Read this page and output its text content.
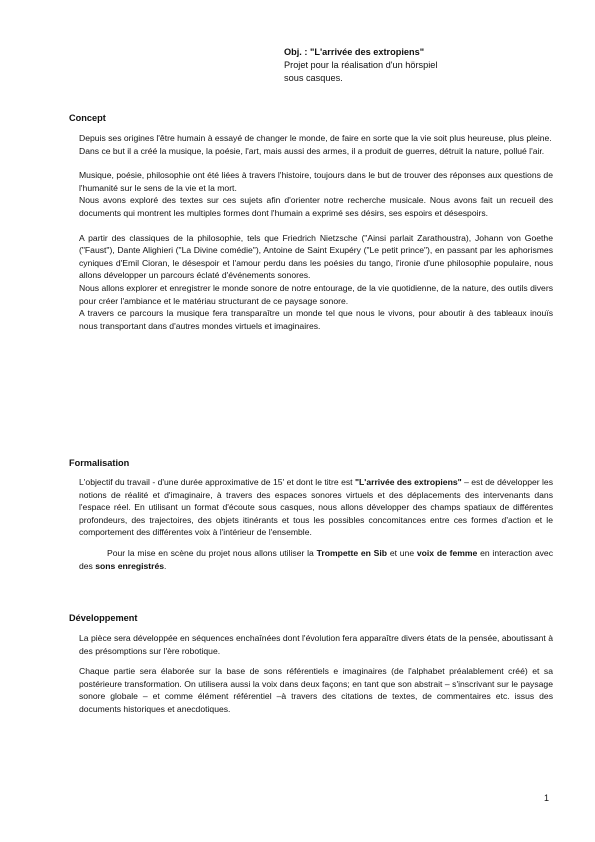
Obj. : "L'arrivée des extropiens"
Projet pour la réalisation d'un hörspiel
sous casques.
Concept

Depuis ses origines l'être humain à essayé de changer le monde, de faire en sorte que la vie soit plus heureuse, plus pleine.

Dans ce but il a créé la musique, la poésie, l'art, mais aussi des armes, il a produit de guerres, détruit la nature, pollué l'air.

Musique, poésie, philosophie ont été liées à travers l'histoire, toujours dans le but de trouver des réponses aux questions de l'humanité sur le sens de la vie et la mort.

Nous avons exploré des textes sur ces sujets afin d'orienter notre recherche musicale. Nous avons fait un recueil des documents qui montrent les multiples formes dont l'humain a exprimé ses désirs, ses espoirs et désespoirs.

A partir des classiques de la philosophie, tels que Friedrich Nietzsche ("Ainsi parlait Zarathoustra), Johann von Goethe ("Faust"), Dante Alighieri ("La Divine comédie"), Antoine de Saint Exupéry ("Le petit prince"), en passant par les aphorismes cyniques d'Emil Cioran, le désespoir et l'amour perdu dans les poésies du tango, l'ironie d'une philosophie populaire, nous allons développer un parcours éclaté d'événements sonores.

Nous allons explorer et enregistrer le monde sonore de notre entourage, de la vie quotidienne, de la nature, des outils divers pour créer l'ambiance et le matériau structurant de ce paysage sonore.

A travers ce parcours la musique fera transparaître un monde tel que nous le vivons, pour aboutir à des tableaux inouïs nous transportant dans d'autres mondes virtuels et imaginaires.

Formalisation

L'objectif du travail - d'une durée approximative de 15' et dont le titre est "L'arrivée des extropiens" – est de développer les notions de réalité et d'imaginaire, à travers des espaces sonores virtuels et des déplacements des intervenants dans l'espace réel. En utilisant un format d'écoute sous casques, nous allons développer des champs spatiaux de différentes profondeurs, des trajectoires, des objets itinérants et tous les possibles concomitances entre ces formes d'action et le comportement des différentes voix à l'intérieur de l'ensemble.

Pour la mise en scène du projet nous allons utiliser la Trompette en Sib et une voix de femme en interaction avec des sons enregistrés.

Développement

La pièce sera développée en séquences enchaînées dont l'évolution fera apparaître divers états de la pensée, aboutissant à des présomptions sur l'ère robotique.

Chaque partie sera élaborée sur la base de sons référentiels e imaginaires (de l'alphabet préalablement créé) et sa postérieure transformation. On utilisera aussi la voix dans deux façons; en tant que son abstrait – s'inscrivant sur le paysage sonore globale – et comme élément référentiel –à travers des citations de textes, de commentaires etc. issus des documents historiques et anecdotiques.

1
